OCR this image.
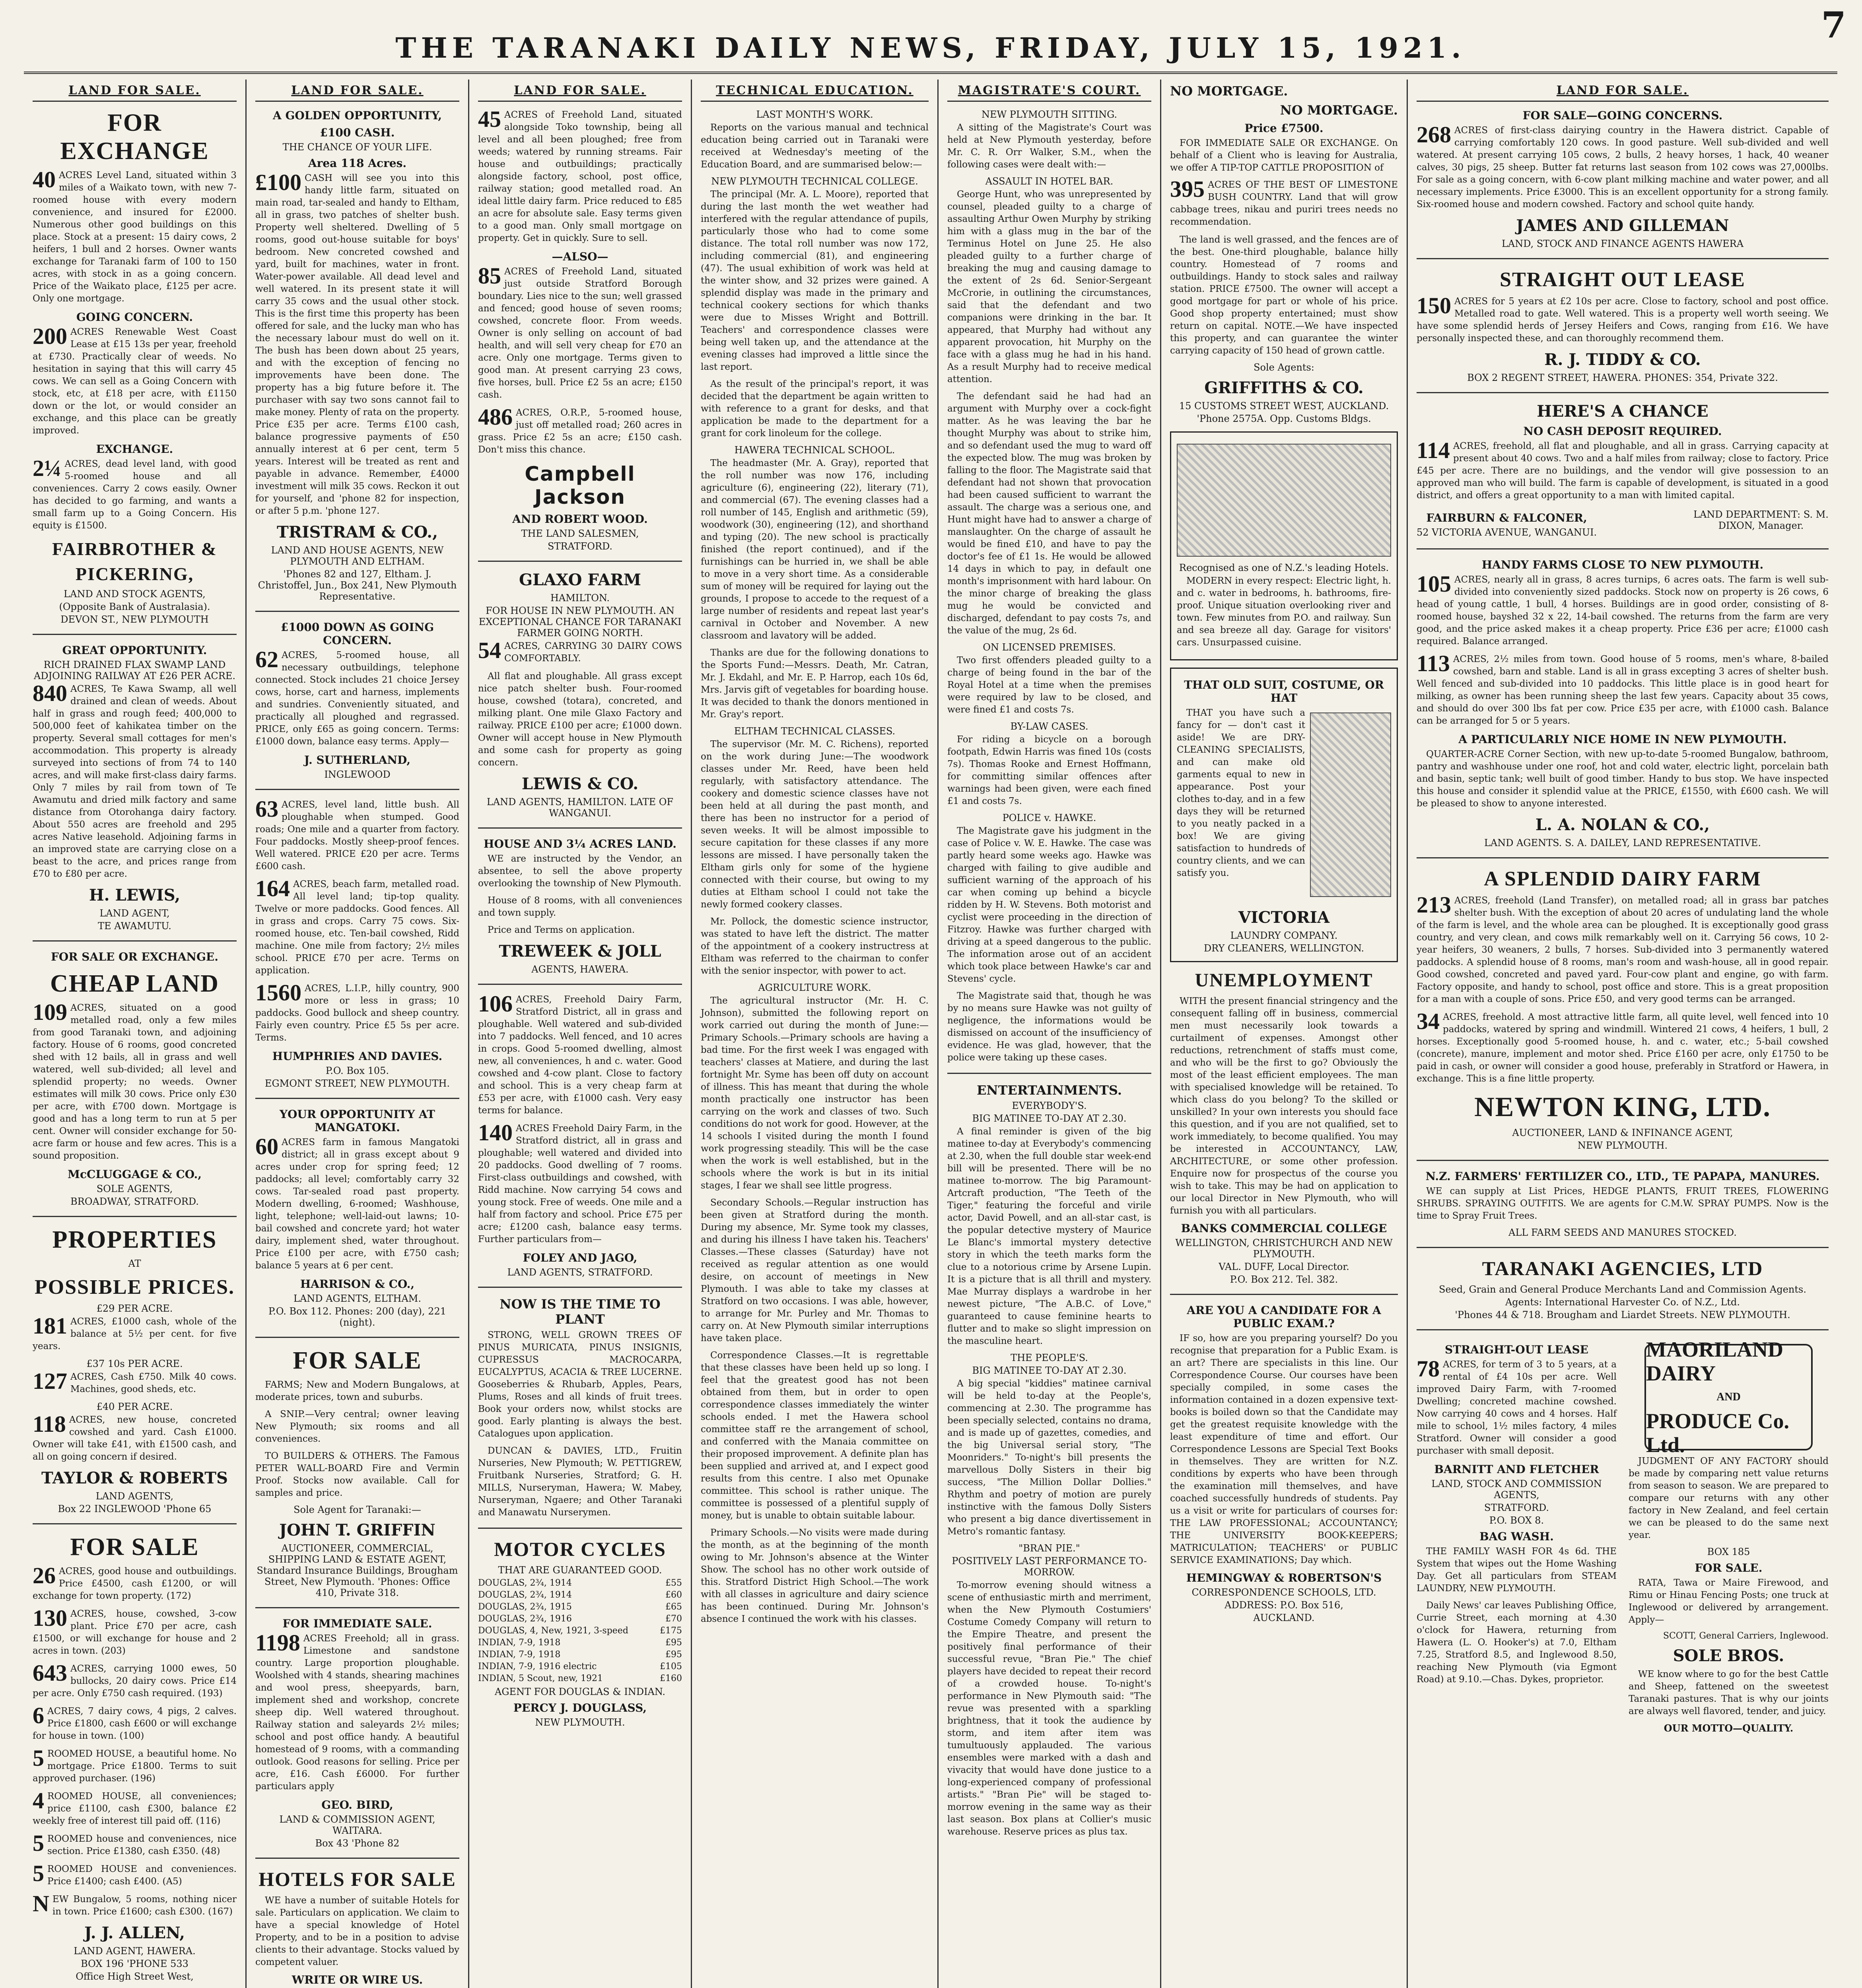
THE TARANAKI DAILY NEWS, FRIDAY, JULY 15, 1921.
7
LAND FOR SALE.
FOR EXCHANGE

40 ACRES Level Land, situated within 3 miles of a Waikato town, with new 7-roomed house with every modern convenience, and insured for £2000. Numerous other good buildings on this place. Stock at a present: 15 dairy cows, 2 heifers, 1 bull and 2 horses. Owner wants exchange for Taranaki farm of 100 to 150 acres, with stock in as a going concern. Price of the Waikato place, £125 per acre. Only one mortgage.

GOING CONCERN.

200 ACRES Renewable West Coast Lease at £15 13s per year, freehold at £730. Practically clear of weeds. No hesitation in saying that this will carry 45 cows. We can sell as a Going Concern with stock, etc, at £18 per acre, with £1150 down or the lot, or would consider an exchange, and this place can be greatly improved.

EXCHANGE.

2¼ ACRES, dead level land, with good 5-roomed house and all conveniences. Carry 2 cows easily. Owner has decided to go farming, and wants a small farm up to a Going Concern. His equity is £1500.

FAIRBROTHER &
PICKERING,
LAND AND STOCK AGENTS,
(Opposite Bank of Australasia).
DEVON ST., NEW PLYMOUTH
GREAT OPPORTUNITY.
RICH DRAINED FLAX SWAMP LAND ADJOINING RAILWAY AT £26 PER ACRE.

840 ACRES, Te Kawa Swamp, all well drained and clean of weeds. About half in grass and rough feed; 400,000 to 500,000 feet of kahikatea timber on the property. Several small cottages for men's accommodation. This property is already surveyed into sections of from 74 to 140 acres, and will make first-class dairy farms. Only 7 miles by rail from town of Te Awamutu and dried milk factory and same distance from Otorohanga dairy factory. About 550 acres are freehold and 295 acres Native leasehold. Adjoining farms in an improved state are carrying close on a beast to the acre, and prices range from £70 to £80 per acre.

H. LEWIS,
LAND AGENT,
TE AWAMUTU.
FOR SALE OR EXCHANGE.
CHEAP LAND

109 ACRES, situated on a good metalled road, only a few miles from good Taranaki town, and adjoining factory. House of 6 rooms, good concreted shed with 12 bails, all in grass and well watered, well sub-divided; all level and splendid property; no weeds. Owner estimates will milk 30 cows. Price only £30 per acre, with £700 down. Mortgage is good and has a long term to run at 5 per cent. Owner will consider exchange for 50-acre farm or house and few acres. This is a sound proposition.

McCLUGGAGE & CO.,
SOLE AGENTS,
BROADWAY, STRATFORD.
PROPERTIES
AT
POSSIBLE PRICES.
£29 PER ACRE.

181 ACRES, £1000 cash, whole of the balance at 5½ per cent. for five years.

£37 10s PER ACRE.

127 ACRES, Cash £750. Milk 40 cows. Machines, good sheds, etc.

£40 PER ACRE.

118 ACRES, new house, concreted cowshed and yard. Cash £1000. Owner will take £41, with £1500 cash, and all on going concern if desired.

TAYLOR & ROBERTS
LAND AGENTS,
Box 22 INGLEWOOD 'Phone 65
FOR SALE

26 ACRES, good house and outbuildings. Price £4500, cash £1200, or will exchange for town property. (172)

130 ACRES, house, cowshed, 3-cow plant. Price £70 per acre, cash £1500, or will exchange for house and 2 acres in town. (203)

643 ACRES, carrying 1000 ewes, 50 bullocks, 20 dairy cows. Price £14 per acre. Only £750 cash required. (193)

6 ACRES, 7 dairy cows, 4 pigs, 2 calves. Price £1800, cash £600 or will exchange for house in town. (100)

5 ROOMED HOUSE, a beautiful home. No mortgage. Price £1800. Terms to suit approved purchaser. (196)

4 ROOMED HOUSE, all conveniences; price £1100, cash £300, balance £2 weekly free of interest till paid off. (116)

5 ROOMED house and conveniences, nice section. Price £1380, cash £350. (48)

5 ROOMED HOUSE and conveniences. Price £1400; cash £400. (A5)

NEW Bungalow, 5 rooms, nothing nicer in town. Price £1600; cash £300. (167)

J. J. ALLEN,
LAND AGENT, HAWERA.
BOX 196 'PHONE 533
Office High Street West,
LAND FOR SALE.
A GOLDEN OPPORTUNITY,
£100 CASH.
THE CHANCE OF YOUR LIFE.
Area 118 Acres.

£100 CASH will see you into this handy little farm, situated on main road, tar-sealed and handy to Eltham, all in grass, two patches of shelter bush. Property well sheltered. Dwelling of 5 rooms, good out-house suitable for boys' bedroom. New concreted cowshed and yard, built for machines, water in front. Water-power available. All dead level and well watered. In its present state it will carry 35 cows and the usual other stock. This is the first time this property has been offered for sale, and the lucky man who has the necessary labour must do well on it. The bush has been down about 25 years, and with the exception of fencing no improvements have been done. The property has a big future before it. The purchaser with say two sons cannot fail to make money. Plenty of rata on the property. Price £35 per acre. Terms £100 cash, balance progressive payments of £50 annually interest at 6 per cent, term 5 years. Interest will be treated as rent and payable in advance. Remember, £4000 investment will milk 35 cows. Reckon it out for yourself, and 'phone 82 for inspection, or after 5 p.m. 'phone 127.

TRISTRAM & CO.,
LAND AND HOUSE AGENTS, NEW PLYMOUTH AND ELTHAM.
'Phones 82 and 127, Eltham. J. Christoffel, Jun., Box 241, New Plymouth Representative.
£1000 DOWN AS GOING CONCERN.

62 ACRES, 5-roomed house, all necessary outbuildings, telephone connected. Stock includes 21 choice Jersey cows, horse, cart and harness, implements and sundries. Conveniently situated, and practically all ploughed and regrassed. PRICE, only £65 as going concern. Terms: £1000 down, balance easy terms. Apply—

J. SUTHERLAND,
INGLEWOOD

63 ACRES, level land, little bush. All ploughable when stumped. Good roads; One mile and a quarter from factory. Four paddocks. Mostly sheep-proof fences. Well watered. PRICE £20 per acre. Terms £600 cash.

164 ACRES, beach farm, metalled road. All level land; tip-top quality. Twelve or more paddocks. Good fences. All in grass and crops. Carry 75 cows. Six-roomed house, etc. Ten-bail cowshed, Ridd machine. One mile from factory; 2½ miles school. PRICE £70 per acre. Terms on application.

1560 ACRES, L.I.P., hilly country, 900 more or less in grass; 10 paddocks. Good bullock and sheep country. Fairly even country. Price £5 5s per acre. Terms.

HUMPHRIES AND DAVIES.
P.O. Box 105.
EGMONT STREET, NEW PLYMOUTH.
YOUR OPPORTUNITY AT MANGATOKI.

60 ACRES farm in famous Mangatoki district; all in grass except about 9 acres under crop for spring feed; 12 paddocks; all level; comfortably carry 32 cows. Tar-sealed road past property. Modern dwelling, 6-roomed; Washhouse, light, telephone; well-laid-out lawns; 10-bail cowshed and concrete yard; hot water dairy, implement shed, water throughout. Price £100 per acre, with £750 cash; balance 5 years at 6 per cent.

HARRISON & CO.,
LAND AGENTS, ELTHAM.
P.O. Box 112. Phones: 200 (day), 221 (night).
FOR SALE

FARMS; New and Modern Bungalows, at moderate prices, town and suburbs.

A SNIP.—Very central; owner leaving New Plymouth; six rooms and all conveniences.

TO BUILDERS & OTHERS. The Famous PETER WALL-BOARD Fire and Vermin Proof. Stocks now available. Call for samples and price.

Sole Agent for Taranaki:—
JOHN T. GRIFFIN
AUCTIONEER, COMMERCIAL, SHIPPING LAND & ESTATE AGENT, Standard Insurance Buildings, Brougham Street, New Plymouth. 'Phones: Office 410, Private 318.
FOR IMMEDIATE SALE.

1198 ACRES Freehold; all in grass. Limestone and sandstone country. Large proportion ploughable. Woolshed with 4 stands, shearing machines and wool press, sheepyards, barn, implement shed and workshop, concrete sheep dip. Well watered throughout. Railway station and saleyards 2½ miles; school and post office handy. A beautiful homestead of 9 rooms, with a commanding outlook. Good reasons for selling. Price per acre, £16. Cash £6000. For further particulars apply

GEO. BIRD,
LAND & COMMISSION AGENT, WAITARA.
Box 43 'Phone 82
HOTELS FOR SALE

WE have a number of suitable Hotels for sale. Particulars on application. We claim to have a special knowledge of Hotel Property, and to be in a position to advise clients to their advantage. Stocks valued by competent valuer.

WRITE OR WIRE US.
LAND FOR SALE.

45 ACRES of Freehold Land, situated alongside Toko township, being all level and all been ploughed; free from weeds; watered by running streams. Fair house and outbuildings; practically alongside factory, school, post office, railway station; good metalled road. An ideal little dairy farm. Price reduced to £85 an acre for absolute sale. Easy terms given to a good man. Only small mortgage on property. Get in quickly. Sure to sell.

—ALSO—

85 ACRES of Freehold Land, situated just outside Stratford Borough boundary. Lies nice to the sun; well grassed and fenced; good house of seven rooms; cowshed, concrete floor. From weeds. Owner is only selling on account of bad health, and will sell very cheap for £70 an acre. Only one mortgage. Terms given to good man. At present carrying 23 cows, five horses, bull. Price £2 5s an acre; £150 cash.

486 ACRES, O.R.P., 5-roomed house, just off metalled road; 260 acres in grass. Price £2 5s an acre; £150 cash. Don't miss this chance.

Campbell Jackson
AND ROBERT WOOD.
THE LAND SALESMEN,
STRATFORD.
GLAXO FARM
HAMILTON.
FOR HOUSE IN NEW PLYMOUTH. AN EXCEPTIONAL CHANCE FOR TARANAKI FARMER GOING NORTH.

54 ACRES, CARRYING 30 DAIRY COWS COMFORTABLY.

All flat and ploughable. All grass except nice patch shelter bush. Four-roomed house, cowshed (totara), concreted, and milking plant. One mile Glaxo Factory and railway. PRICE £100 per acre; £1000 down. Owner will accept house in New Plymouth and some cash for property as going concern.

LEWIS & CO.
LAND AGENTS, HAMILTON. LATE OF WANGANUI.
HOUSE AND 3¼ ACRES LAND.

WE are instructed by the Vendor, an absentee, to sell the above property overlooking the township of New Plymouth.

House of 8 rooms, with all conveniences and town supply.

Price and Terms on application.

TREWEEK & JOLL
AGENTS, HAWERA.

106 ACRES, Freehold Dairy Farm, Stratford District, all in grass and ploughable. Well watered and sub-divided into 7 paddocks. Well fenced, and 10 acres in crops. Good 5-roomed dwelling, almost new, all conveniences, h and c. water. Good cowshed and 4-cow plant. Close to factory and school. This is a very cheap farm at £53 per acre, with £1000 cash. Very easy terms for balance.

140 ACRES Freehold Dairy Farm, in the Stratford district, all in grass and ploughable; well watered and divided into 20 paddocks. Good dwelling of 7 rooms. First-class outbuildings and cowshed, with Ridd machine. Now carrying 54 cows and young stock. Free of weeds. One mile and a half from factory and school. Price £75 per acre; £1200 cash, balance easy terms. Further particulars from—

FOLEY AND JAGO,
LAND AGENTS, STRATFORD.
NOW IS THE TIME TO PLANT

STRONG, WELL GROWN TREES OF PINUS MURICATA, PINUS INSIGNIS, CUPRESSUS MACROCARPA, EUCALYPTUS, ACACIA & TREE LUCERNE. Gooseberries & Rhubarb, Apples, Pears, Plums, Roses and all kinds of fruit trees. Book your orders now, whilst stocks are good. Early planting is always the best. Catalogues upon application.

DUNCAN & DAVIES, LTD., Fruitin Nurseries, New Plymouth; W. PETTIGREW, Fruitbank Nurseries, Stratford; G. H. MILLS, Nurseryman, Hawera; W. Mabey, Nurseryman, Ngaere; and Other Taranaki and Manawatu Nurserymen.

MOTOR CYCLES
THAT ARE GUARANTEED GOOD.
DOUGLAS, 2¾, 1914	£55
DOUGLAS, 2¾, 1914	£60
DOUGLAS, 2¾, 1915	£65
DOUGLAS, 2¾, 1916	£70
DOUGLAS, 4, New, 1921, 3-speed	£175
INDIAN, 7-9, 1918	£95
INDIAN, 7-9, 1918	£95
INDIAN, 7-9, 1916 electric	£105
INDIAN, 5 Scout, new, 1921	£160
AGENT FOR DOUGLAS & INDIAN.
PERCY J. DOUGLASS,
NEW PLYMOUTH.
TECHNICAL EDUCATION.
LAST MONTH'S WORK.

Reports on the various manual and technical education being carried out in Taranaki were received at Wednesday's meeting of the Education Board, and are summarised below:—

NEW PLYMOUTH TECHNICAL COLLEGE.

The principal (Mr. A. L. Moore), reported that during the last month the wet weather had interfered with the regular attendance of pupils, particularly those who had to come some distance. The total roll number was now 172, including commercial (81), and engineering (47). The usual exhibition of work was held at the winter show, and 32 prizes were gained. A splendid display was made in the primary and technical cookery sections for which thanks were due to Misses Wright and Bottrill. Teachers' and correspondence classes were being well taken up, and the attendance at the evening classes had improved a little since the last report.

As the result of the principal's report, it was decided that the department be again written to with reference to a grant for desks, and that application be made to the department for a grant for cork linoleum for the college.

HAWERA TECHNICAL SCHOOL.

The headmaster (Mr. A. Gray), reported that the roll number was now 176, including agriculture (6), engineering (22), literary (71), and commercial (67). The evening classes had a roll number of 145, English and arithmetic (59), woodwork (30), engineering (12), and shorthand and typing (20). The new school is practically finished (the report continued), and if the furnishings can be hurried in, we shall be able to move in a very short time. As a considerable sum of money will be required for laying out the grounds, I propose to accede to the request of a large number of residents and repeat last year's carnival in October and November. A new classroom and lavatory will be added.

Thanks are due for the following donations to the Sports Fund:—Messrs. Death, Mr. Catran, Mr. J. Ekdahl, and Mr. E. P. Harrop, each 10s 6d, Mrs. Jarvis gift of vegetables for boarding house. It was decided to thank the donors mentioned in Mr. Gray's report.

ELTHAM TECHNICAL CLASSES.

The supervisor (Mr. M. C. Richens), reported on the work during June:—The woodwork classes under Mr. Reed, have been held regularly, with satisfactory attendance. The cookery and domestic science classes have not been held at all during the past month, and there has been no instructor for a period of seven weeks. It will be almost impossible to secure capitation for these classes if any more lessons are missed. I have personally taken the Eltham girls only for some of the hygiene connected with their course, but owing to my duties at Eltham school I could not take the newly formed cookery classes.

Mr. Pollock, the domestic science instructor, was stated to have left the district. The matter of the appointment of a cookery instructress at Eltham was referred to the chairman to confer with the senior inspector, with power to act.

AGRICULTURE WORK.

The agricultural instructor (Mr. H. C. Johnson), submitted the following report on work carried out during the month of June:—Primary Schools.—Primary schools are having a bad time. For the first week I was engaged with teachers' classes at Matiere, and during the last fortnight Mr. Syme has been off duty on account of illness. This has meant that during the whole month practically one instructor has been carrying on the work and classes of two. Such conditions do not work for good. However, at the 14 schools I visited during the month I found work progressing steadily. This will be the case when the work is well established, but in the schools where the work is but in its initial stages, I fear we shall see little progress.

Secondary Schools.—Regular instruction has been given at Stratford during the month. During my absence, Mr. Syme took my classes, and during his illness I have taken his. Teachers' Classes.—These classes (Saturday) have not received as regular attention as one would desire, on account of meetings in New Plymouth. I was able to take my classes at Stratford on two occasions. I was able, however, to arrange for Mr. Purley and Mr. Thomas to carry on. At New Plymouth similar interruptions have taken place.

Correspondence Classes.—It is regrettable that these classes have been held up so long. I feel that the greatest good has not been obtained from them, but in order to open correspondence classes immediately the winter schools ended. I met the Hawera school committee staff re the arrangement of school, and conferred with the Manaia committee on their proposed improvement. A definite plan has been supplied and arrived at, and I expect good results from this centre. I also met Opunake committee. This school is rather unique. The committee is possessed of a plentiful supply of money, but is unable to obtain suitable labour.

Primary Schools.—No visits were made during the month, as at the beginning of the month owing to Mr. Johnson's absence at the Winter Show. The school has no other work outside of this. Stratford District High School.—The work with all classes in agriculture and dairy science has been continued. During Mr. Johnson's absence I continued the work with his classes.

MAGISTRATE'S COURT.
NEW PLYMOUTH SITTING.

A sitting of the Magistrate's Court was held at New Plymouth yesterday, before Mr. C. R. Orr Walker, S.M., when the following cases were dealt with:—

ASSAULT IN HOTEL BAR.

George Hunt, who was unrepresented by counsel, pleaded guilty to a charge of assaulting Arthur Owen Murphy by striking him with a glass mug in the bar of the Terminus Hotel on June 25. He also pleaded guilty to a further charge of breaking the mug and causing damage to the extent of 2s 6d. Senior-Sergeant McCrorie, in outlining the circumstances, said that the defendant and two companions were drinking in the bar. It appeared, that Murphy had without any apparent provocation, hit Murphy on the face with a glass mug he had in his hand. As a result Murphy had to receive medical attention.

The defendant said he had had an argument with Murphy over a cock-fight matter. As he was leaving the bar he thought Murphy was about to strike him, and so defendant used the mug to ward off the expected blow. The mug was broken by falling to the floor. The Magistrate said that defendant had not shown that provocation had been caused sufficient to warrant the assault. The charge was a serious one, and Hunt might have had to answer a charge of manslaughter. On the charge of assault he would be fined £10, and have to pay the doctor's fee of £1 1s. He would be allowed 14 days in which to pay, in default one month's imprisonment with hard labour. On the minor charge of breaking the glass mug he would be convicted and discharged, defendant to pay costs 7s, and the value of the mug, 2s 6d.

ON LICENSED PREMISES.

Two first offenders pleaded guilty to a charge of being found in the bar of the Royal Hotel at a time when the premises were required by law to be closed, and were fined £1 and costs 7s.

BY-LAW CASES.

For riding a bicycle on a borough footpath, Edwin Harris was fined 10s (costs 7s). Thomas Rooke and Ernest Hoffmann, for committing similar offences after warnings had been given, were each fined £1 and costs 7s.

POLICE v. HAWKE.

The Magistrate gave his judgment in the case of Police v. W. E. Hawke. The case was partly heard some weeks ago. Hawke was charged with failing to give audible and sufficient warning of the approach of his car when coming up behind a bicycle ridden by H. W. Stevens. Both motorist and cyclist were proceeding in the direction of Fitzroy. Hawke was further charged with driving at a speed dangerous to the public. The information arose out of an accident which took place between Hawke's car and Stevens' cycle.

The Magistrate said that, though he was by no means sure Hawke was not guilty of negligence, the informations would be dismissed on account of the insufficiency of evidence. He was glad, however, that the police were taking up these cases.

ENTERTAINMENTS.
EVERYBODY'S.
BIG MATINEE TO-DAY AT 2.30.

A final reminder is given of the big matinee to-day at Everybody's commencing at 2.30, when the full double star week-end bill will be presented. There will be no matinee to-morrow. The big Paramount-Artcraft production, "The Teeth of the Tiger," featuring the forceful and virile actor, David Powell, and an all-star cast, is the popular detective mystery of Maurice Le Blanc's immortal mystery detective story in which the teeth marks form the clue to a notorious crime by Arsene Lupin. It is a picture that is all thrill and mystery. Mae Murray displays a wardrobe in her newest picture, "The A.B.C. of Love," guaranteed to cause feminine hearts to flutter and to make so slight impression on the masculine heart.

THE PEOPLE'S.
BIG MATINEE TO-DAY AT 2.30.

A big special "kiddies" matinee carnival will be held to-day at the People's, commencing at 2.30. The programme has been specially selected, contains no drama, and is made up of gazettes, comedies, and the big Universal serial story, "The Moonriders." To-night's bill presents the marvellous Dolly Sisters in their big success, "The Million Dollar Dollies." Rhythm and poetry of motion are purely instinctive with the famous Dolly Sisters who present a big dance divertissement in Metro's romantic fantasy.

"BRAN PIE."
POSITIVELY LAST PERFORMANCE TO-MORROW.

To-morrow evening should witness a scene of enthusiastic mirth and merriment, when the New Plymouth Costumiers' Costume Comedy Company will return to the Empire Theatre, and present the positively final performance of their successful revue, "Bran Pie." The chief players have decided to repeat their record of a crowded house. To-night's performance in New Plymouth said: "The revue was presented with a sparkling brightness, that it took the audience by storm, and item after item was tumultuously applauded. The various ensembles were marked with a dash and vivacity that would have done justice to a long-experienced company of professional artists." "Bran Pie" will be staged to-morrow evening in the same way as their last season. Box plans at Collier's music warehouse. Reserve prices as plus tax.

NO MORTGAGE.
NO MORTGAGE.
Price £7500.

FOR IMMEDIATE SALE OR EXCHANGE. On behalf of a Client who is leaving for Australia, we offer A TIP-TOP CATTLE PROPOSITION of

395 ACRES OF THE BEST OF LIMESTONE BUSH COUNTRY. Land that will grow cabbage trees, nikau and puriri trees needs no recommendation.

The land is well grassed, and the fences are of the best. One-third ploughable, balance hilly country. Homestead of 7 rooms and outbuildings. Handy to stock sales and railway station. PRICE £7500. The owner will accept a good mortgage for part or whole of his price. Good shop property entertained; must show return on capital. NOTE.—We have inspected this property, and can guarantee the winter carrying capacity of 150 head of grown cattle.

Sole Agents:
GRIFFITHS & CO.
15 CUSTOMS STREET WEST, AUCKLAND.
'Phone 2575A. Opp. Customs Bldgs.
Recognised as one of N.Z.'s leading Hotels.

MODERN in every respect: Electric light, h. and c. water in bedrooms, h. bathrooms, fire-proof. Unique situation overlooking river and town. Few minutes from P.O. and railway. Sun and sea breeze all day. Garage for visitors' cars. Unsurpassed cuisine.

THAT OLD SUIT, COSTUME, OR HAT

THAT you have such a fancy for — don't cast it aside! We are DRY-CLEANING SPECIALISTS, and can make old garments equal to new in appearance. Post your clothes to-day, and in a few days they will be returned to you neatly packed in a box! We are giving satisfaction to hundreds of country clients, and we can satisfy you.

VICTORIA
LAUNDRY COMPANY.
DRY CLEANERS, WELLINGTON.
UNEMPLOYMENT

WITH the present financial stringency and the consequent falling off in business, commercial men must necessarily look towards a curtailment of expenses. Amongst other reductions, retrenchment of staffs must come, and who will be the first to go? Obviously the most of the least efficient employees. The man with specialised knowledge will be retained. To which class do you belong? To the skilled or unskilled? In your own interests you should face this question, and if you are not qualified, set to work immediately, to become qualified. You may be interested in ACCOUNTANCY, LAW, ARCHITECTURE, or some other profession. Enquire now for prospectus of the course you wish to take. This may be had on application to our local Director in New Plymouth, who will furnish you with all particulars.

BANKS COMMERCIAL COLLEGE
WELLINGTON, CHRISTCHURCH AND NEW PLYMOUTH.
VAL. DUFF, Local Director.
P.O. Box 212. Tel. 382.
ARE YOU A CANDIDATE FOR A PUBLIC EXAM.?

IF so, how are you preparing yourself? Do you recognise that preparation for a Public Exam. is an art? There are specialists in this line. Our Correspondence Course. Our courses have been specially compiled, in some cases the information contained in a dozen expensive text-books is boiled down so that the Candidate may get the greatest requisite knowledge with the least expenditure of time and effort. Our Correspondence Lessons are Special Text Books in themselves. They are written for N.Z. conditions by experts who have been through the examination mill themselves, and have coached successfully hundreds of students. Pay us a visit or write for particulars of courses for: THE LAW PROFESSIONAL; ACCOUNTANCY; THE UNIVERSITY BOOK-KEEPERS; MATRICULATION; TEACHERS' or PUBLIC SERVICE EXAMINATIONS; Day which.

HEMINGWAY & ROBERTSON'S
CORRESPONDENCE SCHOOLS, LTD.
ADDRESS: P.O. Box 516,
AUCKLAND.
LAND FOR SALE.
FOR SALE—GOING CONCERNS.

268 ACRES of first-class dairying country in the Hawera district. Capable of carrying comfortably 120 cows. In good pasture. Well sub-divided and well watered. At present carrying 105 cows, 2 bulls, 2 heavy horses, 1 hack, 40 weaner calves, 30 pigs, 25 sheep. Butter fat returns last season from 102 cows was 27,000lbs. For sale as a going concern, with 6-cow plant milking machine and water power, and all necessary implements. Price £3000. This is an excellent opportunity for a strong family. Six-roomed house and modern cowshed. Factory and school quite handy.

JAMES AND GILLEMAN
LAND, STOCK AND FINANCE AGENTS HAWERA
STRAIGHT OUT LEASE

150 ACRES for 5 years at £2 10s per acre. Close to factory, school and post office. Metalled road to gate. Well watered. This is a property well worth seeing. We have some splendid herds of Jersey Heifers and Cows, ranging from £16. We have personally inspected these, and can thoroughly recommend them.

R. J. TIDDY & CO.
BOX 2 REGENT STREET, HAWERA. PHONES: 354, Private 322.
HERE'S A CHANCE
NO CASH DEPOSIT REQUIRED.

114 ACRES, freehold, all flat and ploughable, and all in grass. Carrying capacity at present about 40 cows. Two and a half miles from railway; close to factory. Price £45 per acre. There are no buildings, and the vendor will give possession to an approved man who will build. The farm is capable of development, is situated in a good district, and offers a great opportunity to a man with limited capital.

FAIRBURN & FALCONER,
52 VICTORIA AVENUE, WANGANUI.
LAND DEPARTMENT: S. M. DIXON, Manager.
HANDY FARMS CLOSE TO NEW PLYMOUTH.

105 ACRES, nearly all in grass, 8 acres turnips, 6 acres oats. The farm is well sub-divided into conveniently sized paddocks. Stock now on property is 26 cows, 6 head of young cattle, 1 bull, 4 horses. Buildings are in good order, consisting of 8-roomed house, bayshed 32 x 22, 14-bail cowshed. The returns from the farm are very good, and the price asked makes it a cheap property. Price £36 per acre; £1000 cash required. Balance arranged.

113 ACRES, 2½ miles from town. Good house of 5 rooms, men's whare, 8-bailed cowshed, barn and stable. Land is all in grass excepting 3 acres of shelter bush. Well fenced and sub-divided into 10 paddocks. This little place is in good heart for milking, as owner has been running sheep the last few years. Capacity about 35 cows, and should do over 300 lbs fat per cow. Price £35 per acre, with £1000 cash. Balance can be arranged for 5 or 5 years.

A PARTICULARLY NICE HOME IN NEW PLYMOUTH.

QUARTER-ACRE Corner Section, with new up-to-date 5-roomed Bungalow, bathroom, pantry and washhouse under one roof, hot and cold water, electric light, porcelain bath and basin, septic tank; well built of good timber. Handy to bus stop. We have inspected this house and consider it splendid value at the PRICE, £1550, with £600 cash. We will be pleased to show to anyone interested.

L. A. NOLAN & CO.,
LAND AGENTS. S. A. DAILEY, LAND REPRESENTATIVE.
A SPLENDID DAIRY FARM

213 ACRES, freehold (Land Transfer), on metalled road; all in grass bar patches shelter bush. With the exception of about 20 acres of undulating land the whole of the farm is level, and the whole area can be ploughed. It is exceptionally good grass country, and very clean, and cows milk remarkably well on it. Carrying 56 cows, 10 2-year heifers, 30 weaners, 2 bulls, 7 horses. Sub-divided into 3 permanently watered paddocks. A splendid house of 8 rooms, man's room and wash-house, all in good repair. Good cowshed, concreted and paved yard. Four-cow plant and engine, go with farm. Factory opposite, and handy to school, post office and store. This is a great proposition for a man with a couple of sons. Price £50, and very good terms can be arranged.

34 ACRES, freehold. A most attractive little farm, all quite level, well fenced into 10 paddocks, watered by spring and windmill. Wintered 21 cows, 4 heifers, 1 bull, 2 horses. Exceptionally good 5-roomed house, h. and c. water, etc.; 5-bail cowshed (concrete), manure, implement and motor shed. Price £160 per acre, only £1750 to be paid in cash, or owner will consider a good house, preferably in Stratford or Hawera, in exchange. This is a fine little property.

NEWTON KING, LTD.
AUCTIONEER, LAND & INFINANCE AGENT,
NEW PLYMOUTH.
N.Z. FARMERS' FERTILIZER CO., LTD., TE PAPAPA, MANURES.

WE can supply at List Prices, HEDGE PLANTS, FRUIT TREES, FLOWERING SHRUBS. SPRAYING OUTFITS. We are agents for C.M.W. SPRAY PUMPS. Now is the time to Spray Fruit Trees.

ALL FARM SEEDS AND MANURES STOCKED.
TARANAKI AGENCIES, LTD
Seed, Grain and General Produce Merchants Land and Commission Agents.
Agents: International Harvester Co. of N.Z., Ltd.
'Phones 44 & 718. Brougham and Liardet Streets. NEW PLYMOUTH.
STRAIGHT-OUT LEASE

78 ACRES, for term of 3 to 5 years, at a rental of £4 10s per acre. Well improved Dairy Farm, with 7-roomed Dwelling; concreted machine cowshed. Now carrying 40 cows and 4 horses. Half mile to school, 1½ miles factory, 4 miles Stratford. Owner will consider a good purchaser with small deposit.

BARNITT AND FLETCHER
LAND, STOCK AND COMMISSION AGENTS,
STRATFORD.
P.O. BOX 8.
BAG WASH.

THE FAMILY WASH FOR 4s 6d. THE System that wipes out the Home Washing Day. Get all particulars from STEAM LAUNDRY, NEW PLYMOUTH.

Daily News' car leaves Publishing Office, Currie Street, each morning at 4.30 o'clock for Hawera, returning from Hawera (L. O. Hooker's) at 7.0, Eltham 7.25, Stratford 8.5, and Inglewood 8.50, reaching New Plymouth (via Egmont Road) at 9.10.—Chas. Dykes, proprietor.

MAORILAND DAIRY
AND
PRODUCE Co. Ltd.

JUDGMENT OF ANY FACTORY should be made by comparing nett value returns from season to season. We are prepared to compare our returns with any other factory in New Zealand, and feel certain we can be pleased to do the same next year.

BOX 185
FOR SALE.

RATA, Tawa or Maire Firewood, and Rimu or Hinau Fencing Posts; one truck at Inglewood or delivered by arrangement. Apply—

SCOTT, General Carriers, Inglewood.
SOLE BROS.

WE know where to go for the best Cattle and Sheep, fattened on the sweetest Taranaki pastures. That is why our joints are always well flavored, tender, and juicy.

OUR MOTTO—QUALITY.
